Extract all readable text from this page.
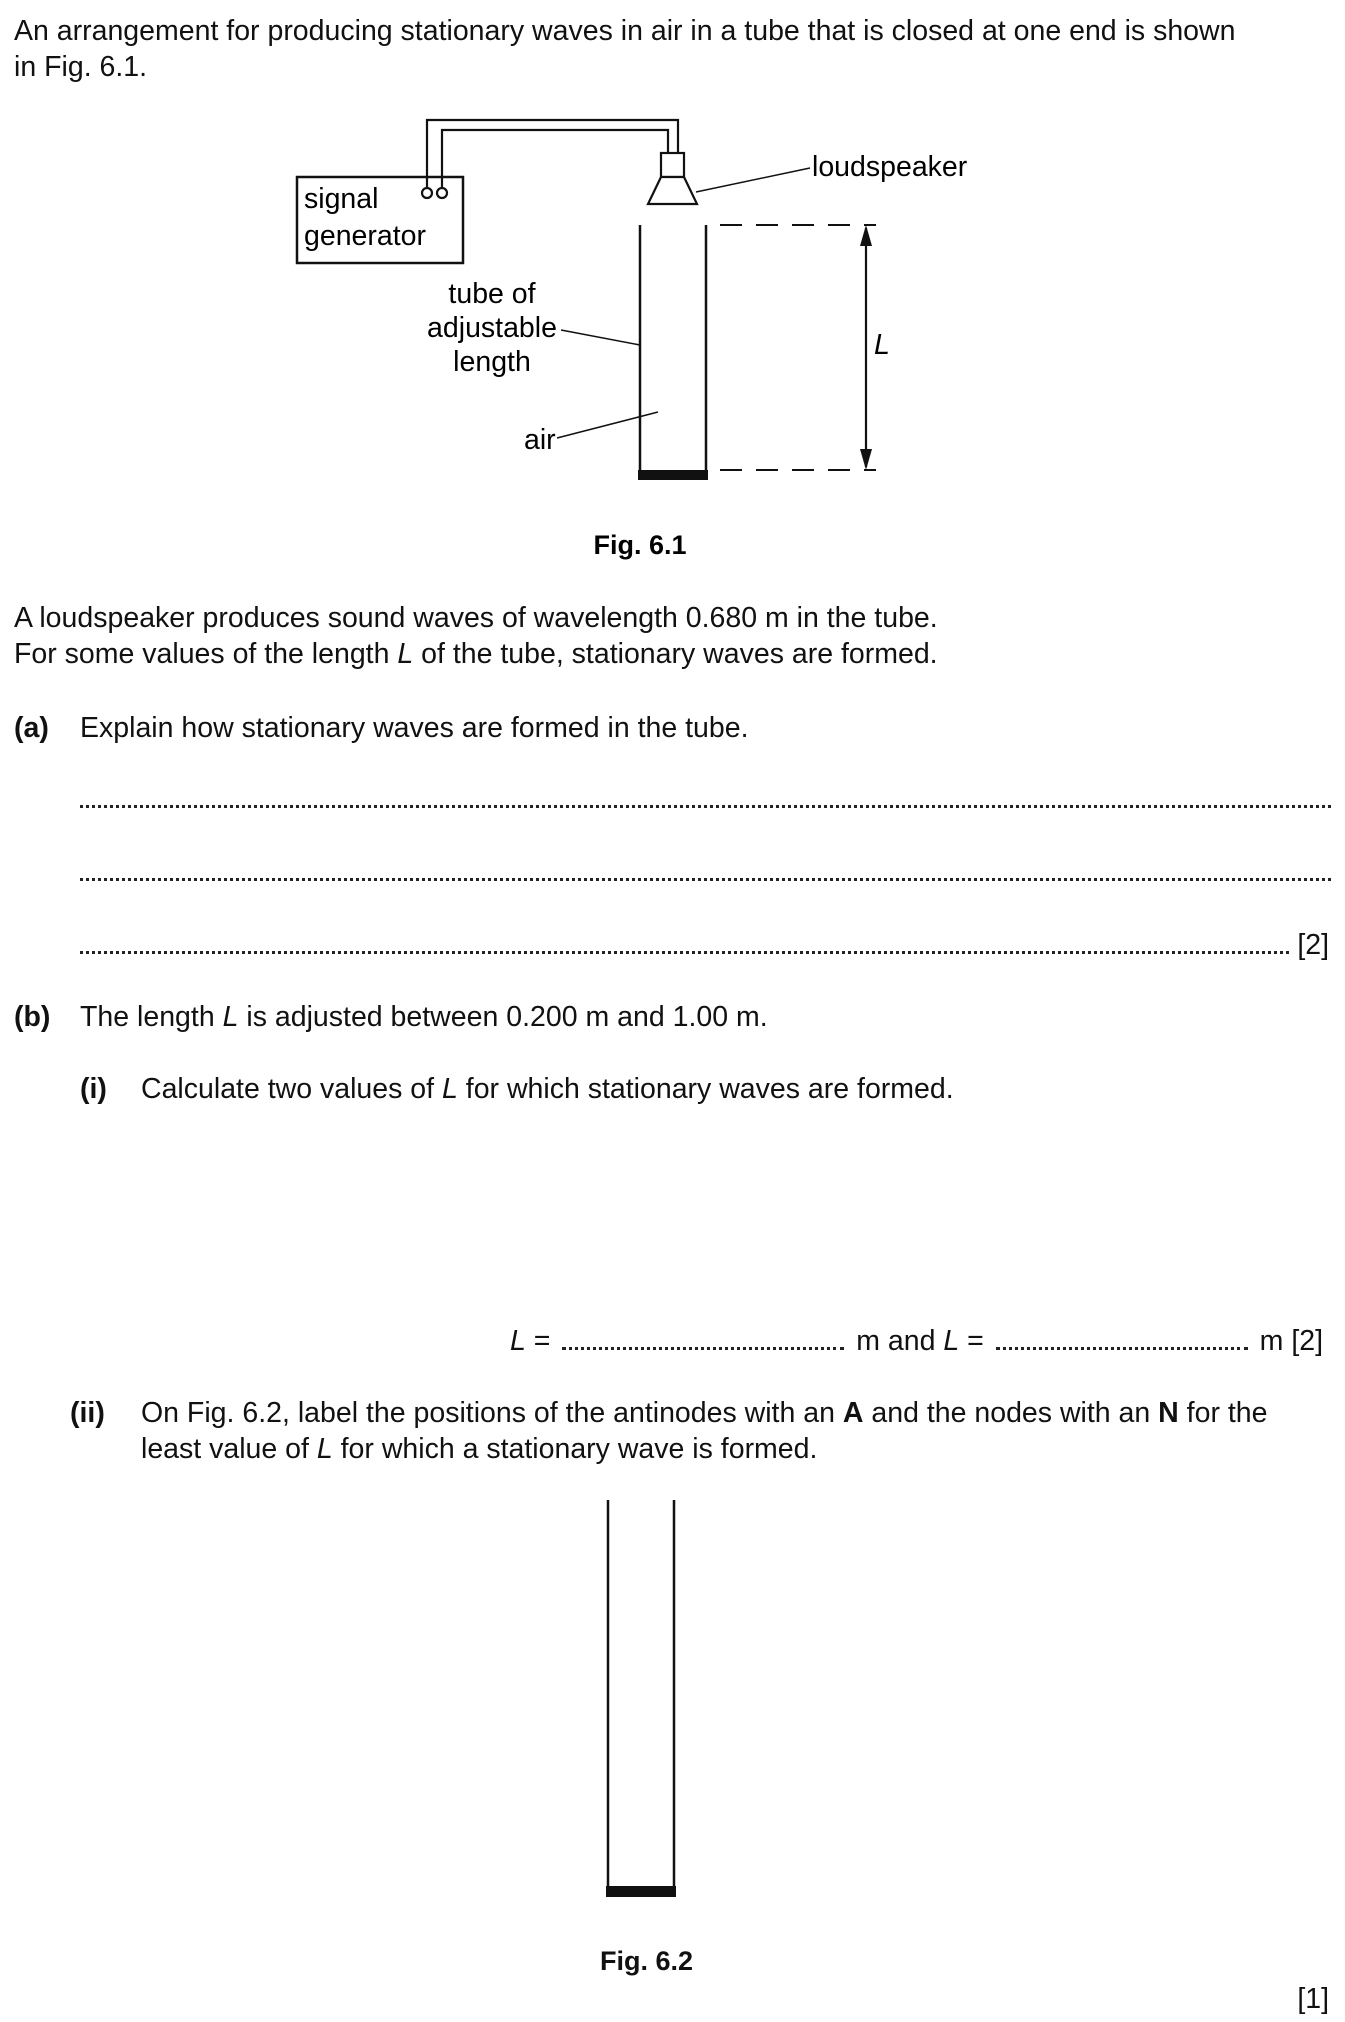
An arrangement for producing stationary waves in air in a tube that is closed at one end is shown
in Fig. 6.1.
loudspeaker
signal
generator
tube of
adjustable
length
air
L
Fig. 6.1
A loudspeaker produces sound waves of wavelength 0.680 m in the tube.
For some values of the length L of the tube, stationary waves are formed.
(a) Explain how stationary waves are formed in the tube.
[2]
(b) The length L is adjusted between 0.200 m and 1.00 m.
(i) Calculate two values of L for which stationary waves are formed.
L =	m and L =	m [2]
(ii) On Fig. 6.2, label the positions of the antinodes with an A and the nodes with an N for the
least value of L for which a stationary wave is formed.
Fig. 6.2
[1]
